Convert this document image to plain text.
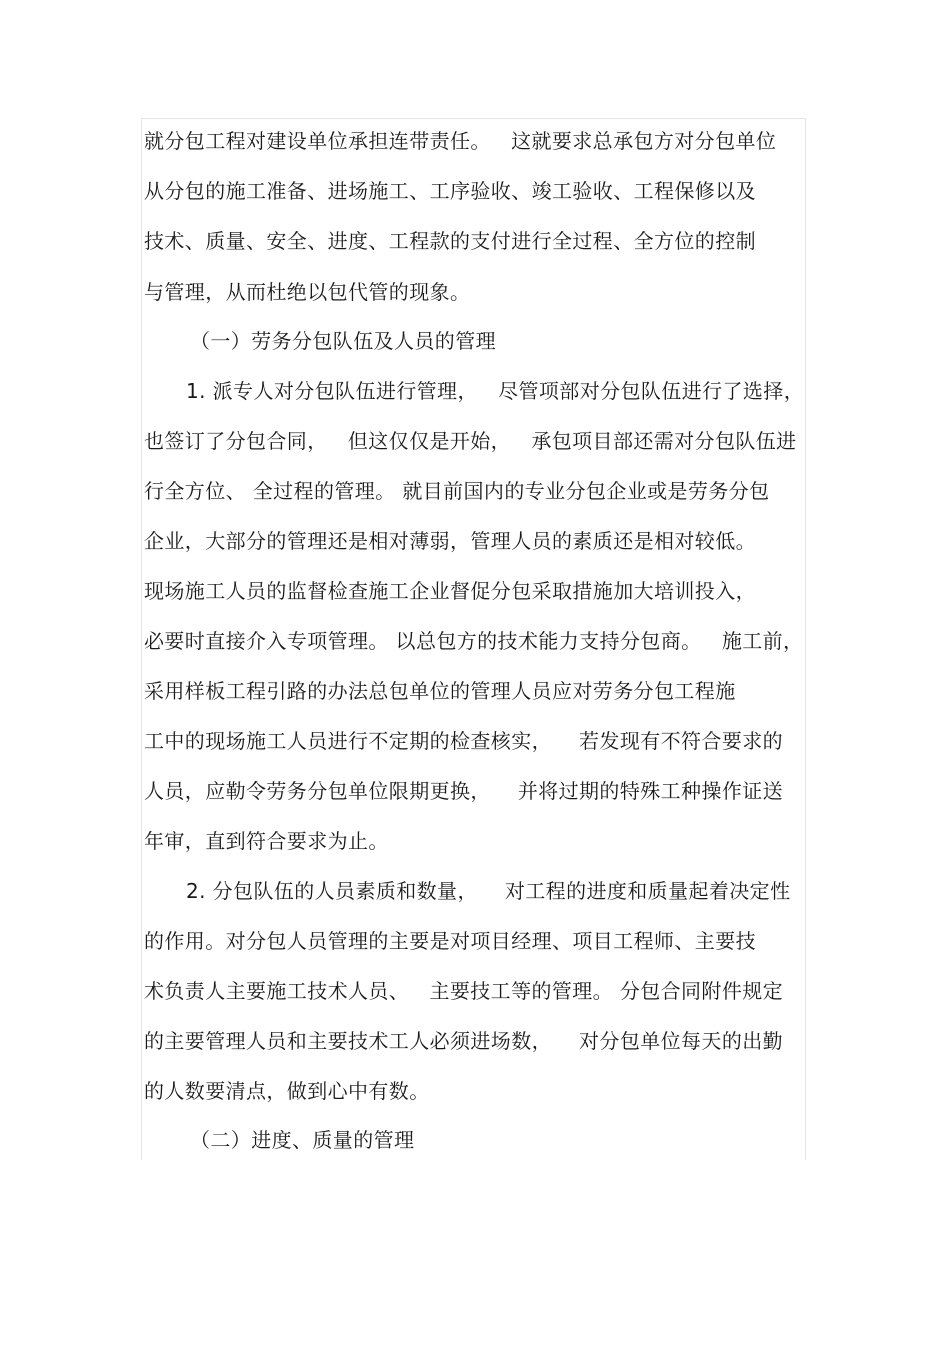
就分包工程对建设单位承担连带责任。   这就要求总承包方对分包单位
从分包的施工准备、进场施工、工序验收、竣工验收、工程保修以及
技术、质量、安全、进度、工程款的支付进行全过程、全方位的控制
与管理，从而杜绝以包代管的现象。
（一）劳务分包队伍及人员的管理
1. 派专人对分包队伍进行管理，   尽管项部对分包队伍进行了选择，
也签订了分包合同，   但这仅仅是开始，   承包项目部还需对分包队伍进
行全方位、 全过程的管理。 就目前国内的专业分包企业或是劳务分包
企业，大部分的管理还是相对薄弱，管理人员的素质还是相对较低。
现场施工人员的监督检查施工企业督促分包采取措施加大培训投入，
必要时直接介入专项管理。 以总包方的技术能力支持分包商。   施工前，
采用样板工程引路的办法总包单位的管理人员应对劳务分包工程施
工中的现场施工人员进行不定期的检查核实，    若发现有不符合要求的
人员，应勒令劳务分包单位限期更换，    并将过期的特殊工种操作证送
年审，直到符合要求为止。
2. 分包队伍的人员素质和数量，    对工程的进度和质量起着决定性
的作用。对分包人员管理的主要是对项目经理、项目工程师、主要技
术负责人主要施工技术人员、   主要技工等的管理。 分包合同附件规定
的主要管理人员和主要技术工人必须进场数，    对分包单位每天的出勤
的人数要清点，做到心中有数。
（二）进度、质量的管理
